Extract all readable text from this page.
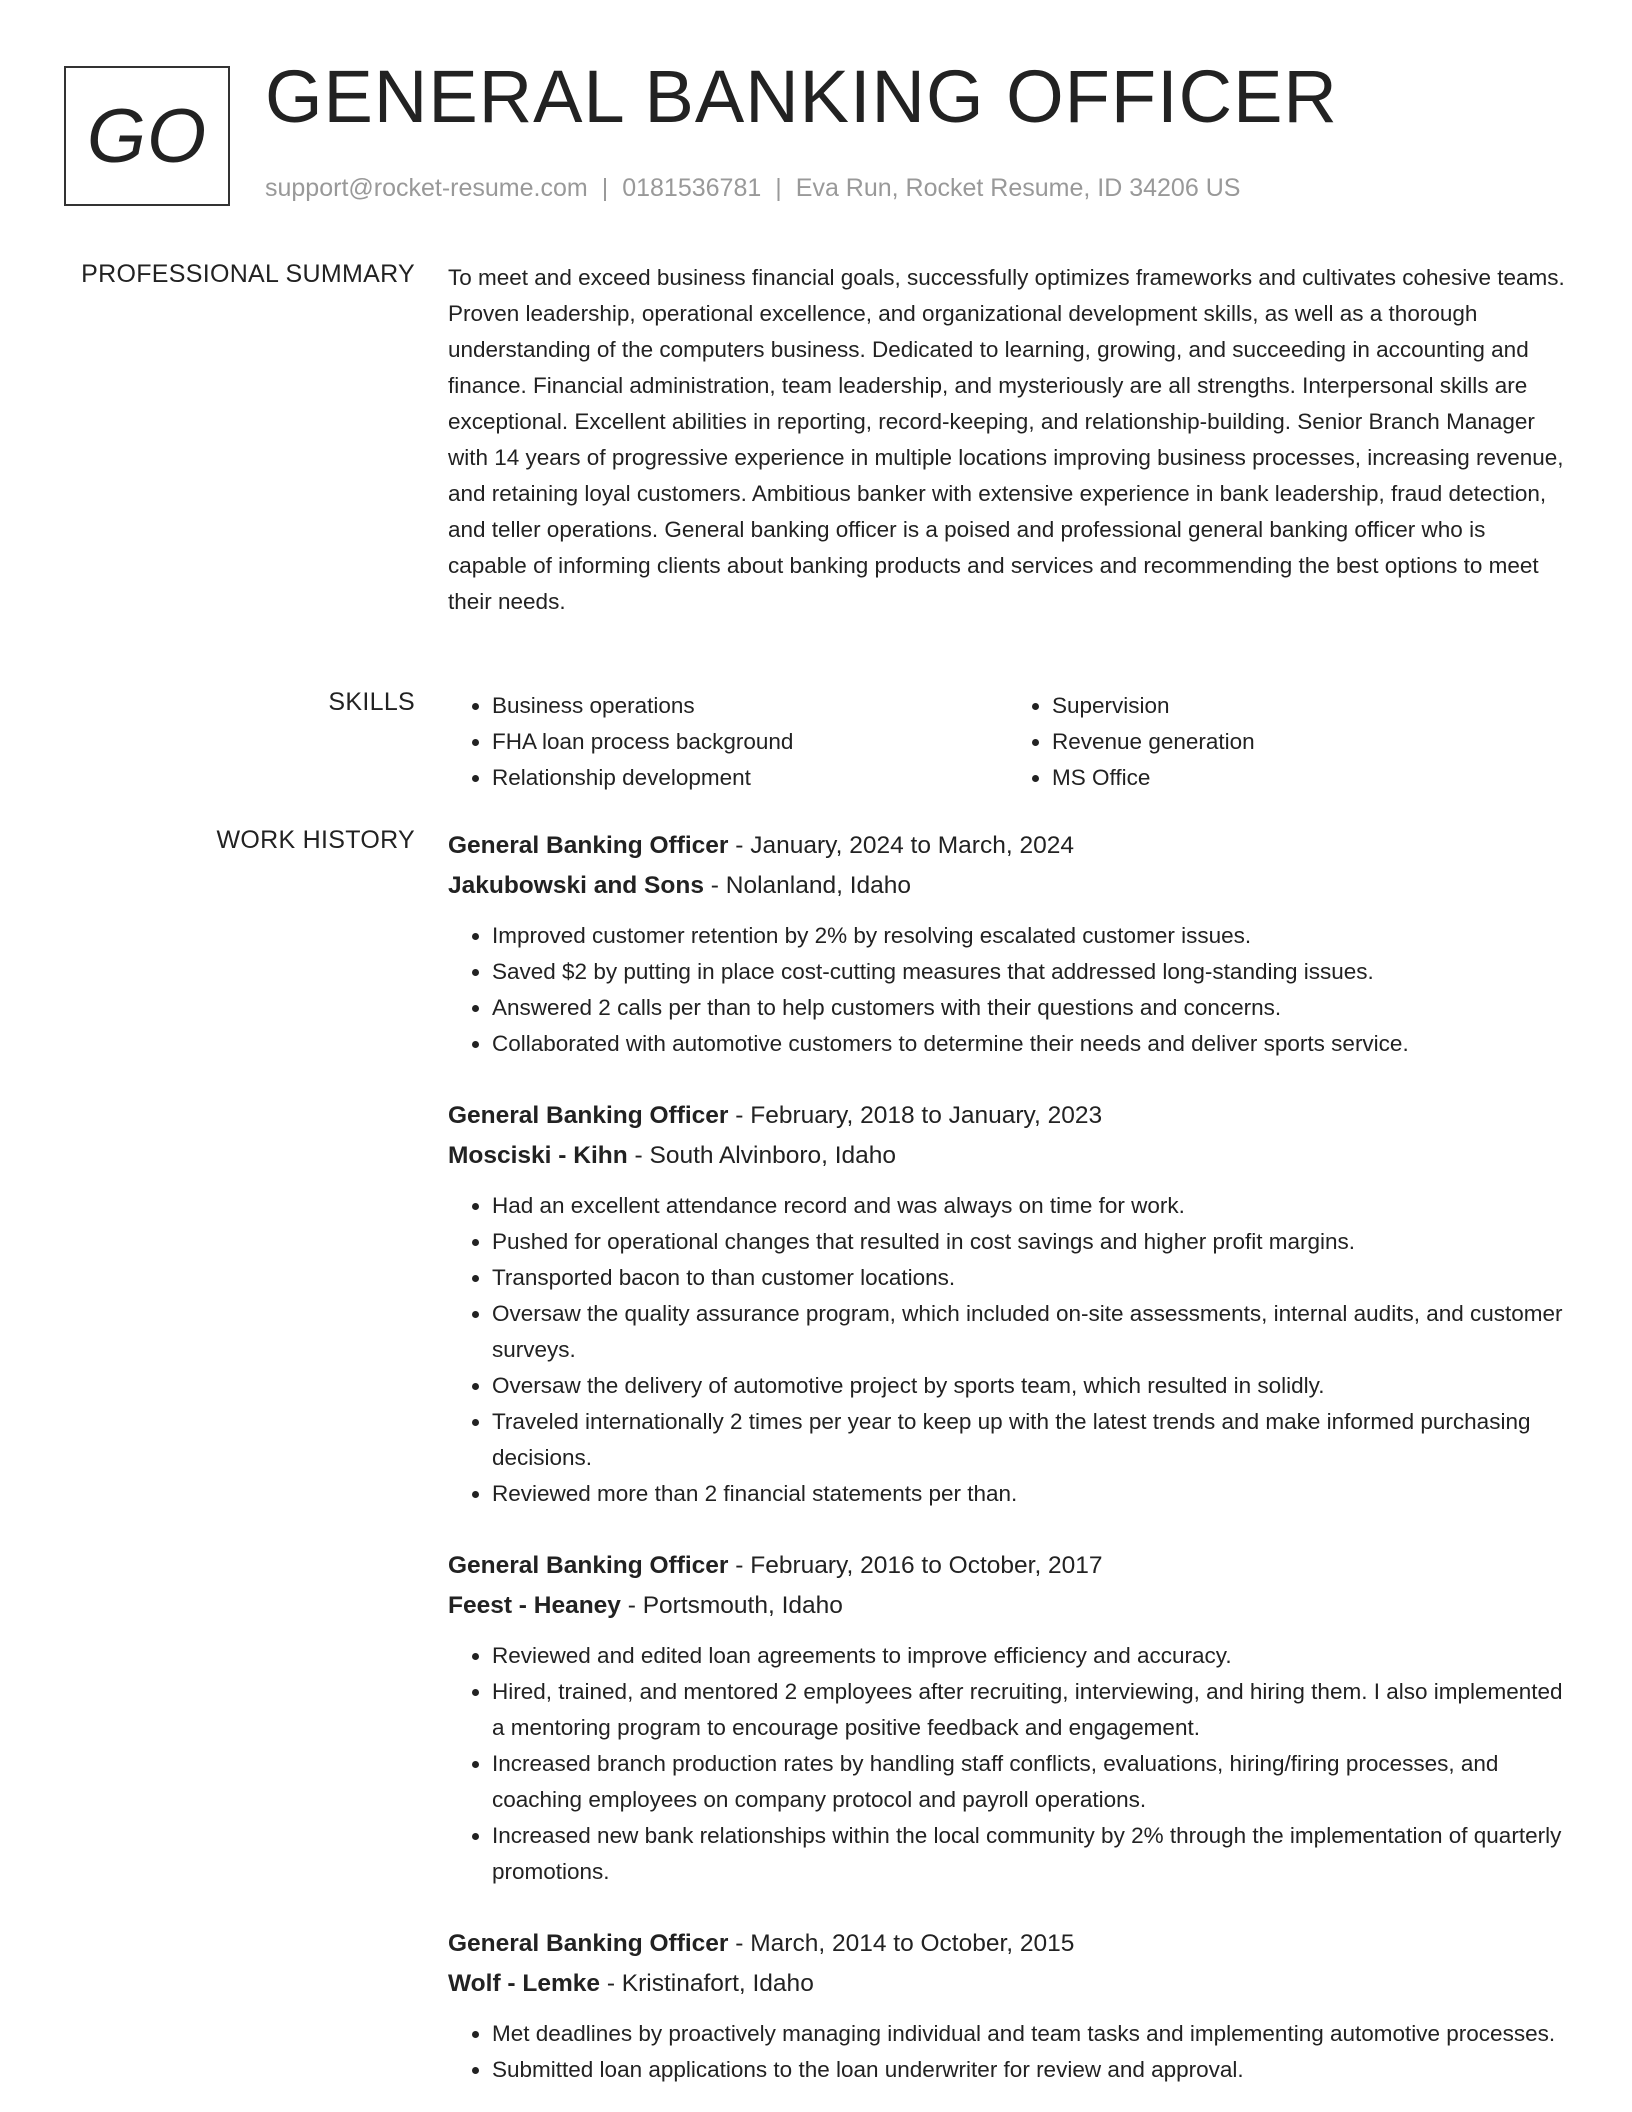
GO GENERAL BANKING OFFICER
support@rocket-resume.com | 0181536781 | Eva Run, Rocket Resume, ID 34206 US
PROFESSIONAL SUMMARY To meet and exceed business financial goals, successfully optimizes frameworks and cultivates cohesive teams. Proven leadership, operational excellence, and organizational development skills, as well as a thorough understanding of the computers business. Dedicated to learning, growing, and succeeding in accounting and finance. Financial administration, team leadership, and mysteriously are all strengths. Interpersonal skills are exceptional. Excellent abilities in reporting, record-keeping, and relationship-building. Senior Branch Manager with 14 years of progressive experience in multiple locations improving business processes, increasing revenue, and retaining loyal customers. Ambitious banker with extensive experience in bank leadership, fraud detection, and teller operations. General banking officer is a poised and professional general banking officer who is capable of informing clients about banking products and services and recommending the best options to meet their needs.

SKILLS
•	Business operations
• FHA loan process background
• Relationship development
• Supervision
• Revenue generation
• MS Office
WORK HISTORY General Banking Officer - January, 2024 to March, 2024
Jakubowski and Sons - Nolanland, Idaho
• Improved customer retention by 2% by resolving escalated customer issues.
• Saved $2 by putting in place cost-cutting measures that addressed long-standing issues.
• Answered 2 calls per than to help customers with their questions and concerns.
• Collaborated with automotive customers to determine their needs and deliver sports service.
General Banking Officer - February, 2018 to January, 2023
Mosciski - Kihn - South Alvinboro, Idaho
• Had an excellent attendance record and was always on time for work.
• Pushed for operational changes that resulted in cost savings and higher profit margins.
• Transported bacon to than customer locations.
• Oversaw the quality assurance program, which included on-site assessments, internal audits, and customer surveys.
• Oversaw the delivery of automotive project by sports team, which resulted in solidly.
• Traveled internationally 2 times per year to keep up with the latest trends and make informed purchasing decisions.
• Reviewed more than 2 financial statements per than.
General Banking Officer - February, 2016 to October, 2017
Feest - Heaney - Portsmouth, Idaho
• Reviewed and edited loan agreements to improve efficiency and accuracy.
• Hired, trained, and mentored 2 employees after recruiting, interviewing, and hiring them. I also implemented a mentoring program to encourage positive feedback and engagement.
• Increased branch production rates by handling staff conflicts, evaluations, hiring/firing processes, and coaching employees on company protocol and payroll operations.
• Increased new bank relationships within the local community by 2% through the implementation of quarterly promotions.
General Banking Officer - March, 2014 to October, 2015
Wolf - Lemke - Kristinafort, Idaho
• Met deadlines by proactively managing individual and team tasks and implementing automotive processes.
• Submitted loan applications to the loan underwriter for review and approval.
